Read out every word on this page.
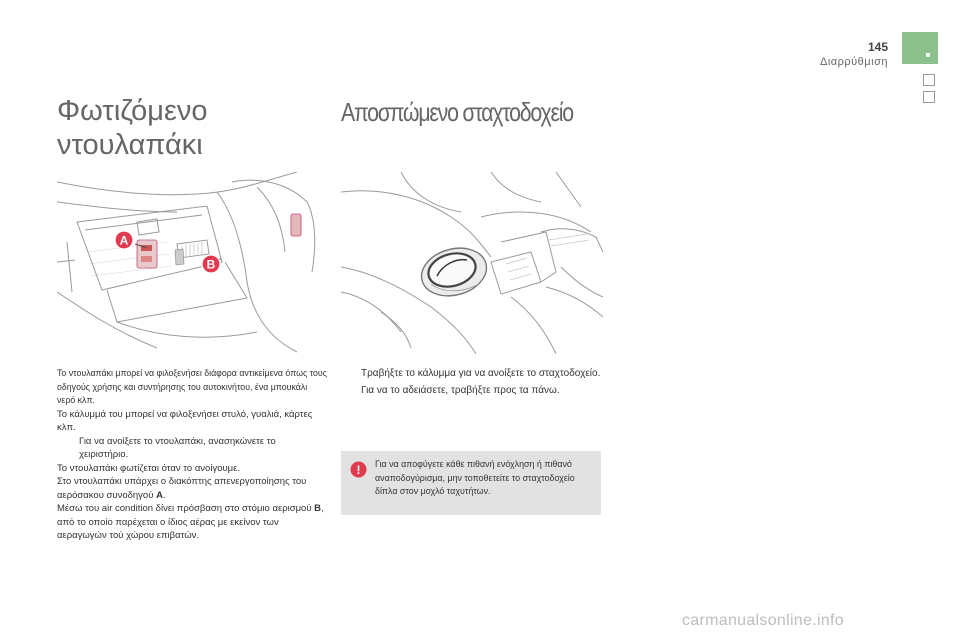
145
Διαρρύθμιση
Φωτιζόμενο
ντουλαπάκι
Αποσπώμενο σταχτοδοχείο
A
B

Το ντουλαπάκι μπορεί να φιλοξενήσει διάφορα αντικείμενα όπως τους οδηγούς χρήσης και συντήρησης του αυτοκινήτου, ένα μπουκάλι νερό κλπ.

Το κάλυμμά του μπορεί να φιλοξενήσει στυλό, γυαλιά, κάρτες κλπ.

Για να ανοίξετε το ντουλαπάκι, ανασηκώνετε το χειριστήριο.

Το ντουλαπάκι φωτίζεται όταν το ανοίγουμε.

Στο ντουλαπάκι υπάρχει ο διακόπτης απενεργοποίησης του αερόσακου συνοδηγού A.

Μέσω του air condition δίνει πρόσβαση στο στόμιο αερισμού B, από το οποίο παρέχεται ο ίδιος αέρας με εκείνον των αεραγωγών τού χώρου επιβατών.

Τραβήξτε το κάλυμμα για να ανοίξετε το σταχτοδοχείο.
Για να το αδειάσετε, τραβήξτε προς τα πάνω.
! Για να αποφύγετε κάθε πιθανή ενόχληση ή πιθανό αναποδογύρισμα, μην τοποθετείτε το σταχτοδοχείο δίπλα στον μοχλό ταχυτήτων.
carmanualsonline.info
